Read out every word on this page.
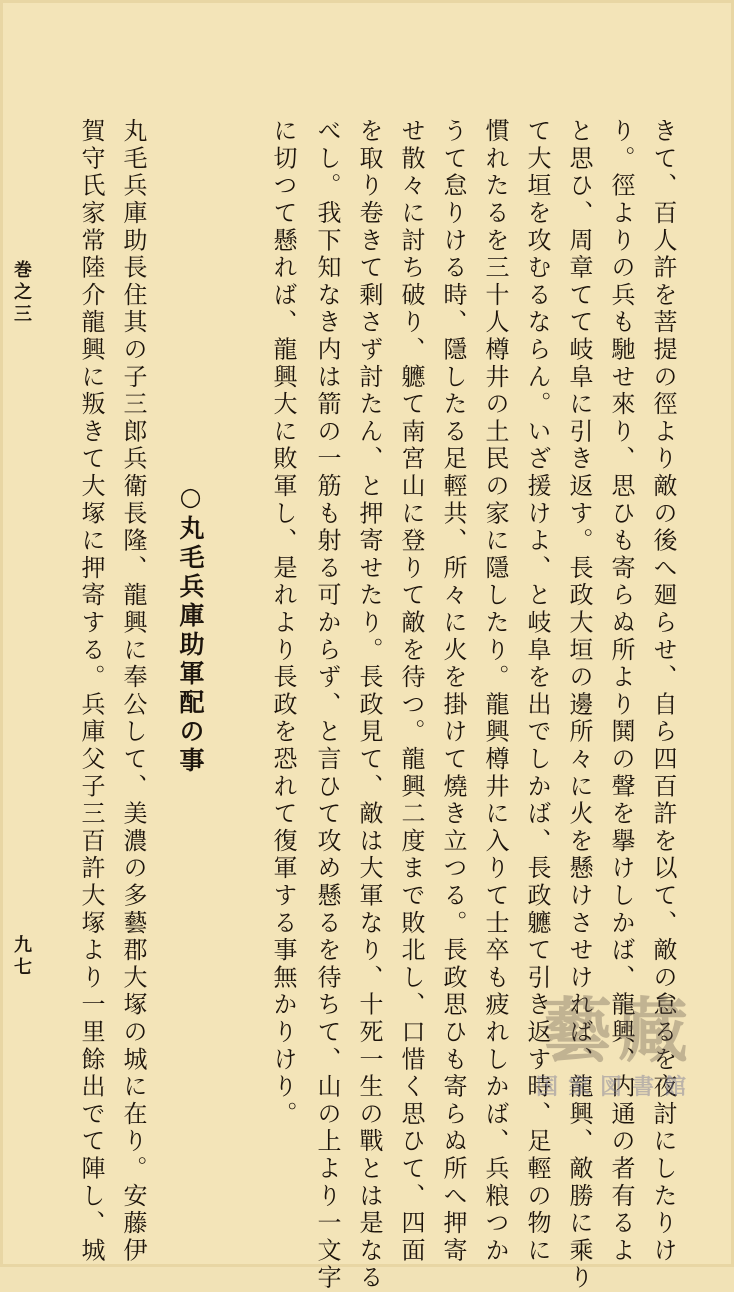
巻之三
九七	きて、百人許を菩提の徑より敵の後へ廻らせ、自ら四百許を以て、敵の怠るを夜討にしたりけ
り。徑よりの兵も馳せ來り、思ひも寄らぬ所より鬨の聲を擧けしかば、龍興、内通の者有るよ
と思ひ、周章てて岐阜に引き返す。長政大垣の邊所々に火を懸けさせければ、龍興、敵勝に乘り
て大垣を攻むるならん。いざ援けよ、と岐阜を出でしかば、長政軈て引き返す時、足輕の物に
慣れたるを三十人樽井の土民の家に隱したり。龍興樽井に入りて士卒も疲れしかば、兵粮つか
うて怠りける時、隱したる足輕共、所々に火を掛けて燒き立つる。長政思ひも寄らぬ所へ押寄
せ散々に討ち破り、軈て南宮山に登りて敵を待つ。龍興二度まで敗北し、口惜く思ひて、四面
を取り卷きて剩さず討たん、と押寄せたり。長政見て、敵は大軍なり、十死一生の戰とは是なる
べし。我下知なき内は箭の一筋も射る可からず、と言ひて攻め懸るを待ちて、山の上より一文字
に切つて懸れば、龍興大に敗軍し、是れより長政を恐れて復軍する事無かりけり。
○丸毛兵庫助軍配の事
丸毛兵庫助長住其の子三郎兵衛長隆、龍興に奉公して、美濃の多藝郡大塚の城に在り。安藤伊
賀守氏家常陸介龍興に叛きて大塚に押寄する。兵庫父子三百許大塚より一里餘出でて陣し、城	藝藏
国家図書館
